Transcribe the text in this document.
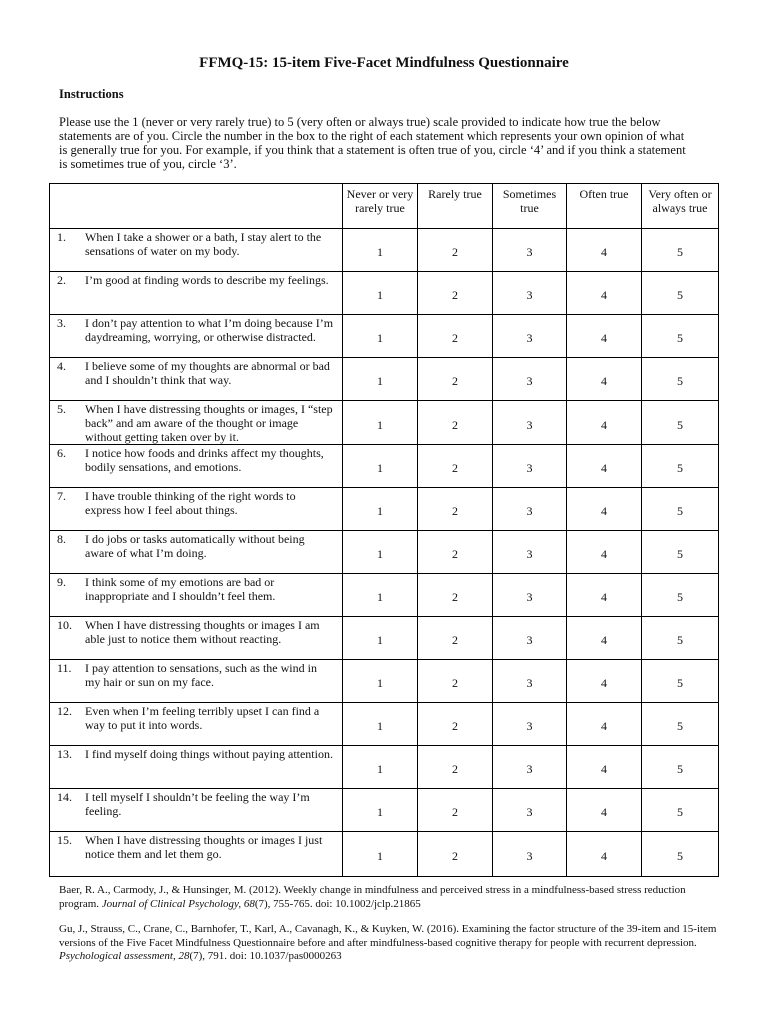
FFMQ-15: 15-item Five-Facet Mindfulness Questionnaire
Instructions

Please use the 1 (never or very rarely true) to 5 (very often or always true) scale provided to indicate how true the below
statements are of you. Circle the number in the box to the right of each statement which represents your own opinion of what
is generally true for you. For example, if you think that a statement is often true of you, circle ‘4’ and if you think a statement
is sometimes true of you, circle ‘3’.

	Never or very rarely true	Rarely true	Sometimes true	Often true	Very often or always true

1. When I take a shower or a bath, I stay alert to the sensations of water on my body.	1	2	3	4	5

2. I’m good at finding words to describe my feelings.	1	2	3	4	5

3. I don’t pay attention to what I’m doing because I’m daydreaming, worrying, or otherwise distracted.	1	2	3	4	5

4. I believe some of my thoughts are abnormal or bad and I shouldn’t think that way.	1	2	3	4	5

5. When I have distressing thoughts or images, I “step back” and am aware of the thought or image without getting taken over by it.	1	2	3	4	5

6. I notice how foods and drinks affect my thoughts, bodily sensations, and emotions.	1	2	3	4	5

7. I have trouble thinking of the right words to express how I feel about things.	1	2	3	4	5

8. I do jobs or tasks automatically without being aware of what I’m doing.	1	2	3	4	5

9. I think some of my emotions are bad or inappropriate and I shouldn’t feel them.	1	2	3	4	5

10. When I have distressing thoughts or images I am able just to notice them without reacting.	1	2	3	4	5

11. I pay attention to sensations, such as the wind in my hair or sun on my face.	1	2	3	4	5

12. Even when I’m feeling terribly upset I can find a way to put it into words.	1	2	3	4	5

13. I find myself doing things without paying attention.	1	2	3	4	5

14. I tell myself I shouldn’t be feeling the way I’m feeling.	1	2	3	4	5

15. When I have distressing thoughts or images I just notice them and let them go.	1	2	3	4	5

Baer, R. A., Carmody, J., & Hunsinger, M. (2012). Weekly change in mindfulness and perceived stress in a mindfulness-based stress reduction program. Journal of Clinical Psychology, 68(7), 755-765. doi: 10.1002/jclp.21865

Gu, J., Strauss, C., Crane, C., Barnhofer, T., Karl, A., Cavanagh, K., & Kuyken, W. (2016). Examining the factor structure of the 39-item and 15-item versions of the Five Facet Mindfulness Questionnaire before and after mindfulness-based cognitive therapy for people with recurrent depression. Psychological assessment, 28(7), 791. doi: 10.1037/pas0000263
